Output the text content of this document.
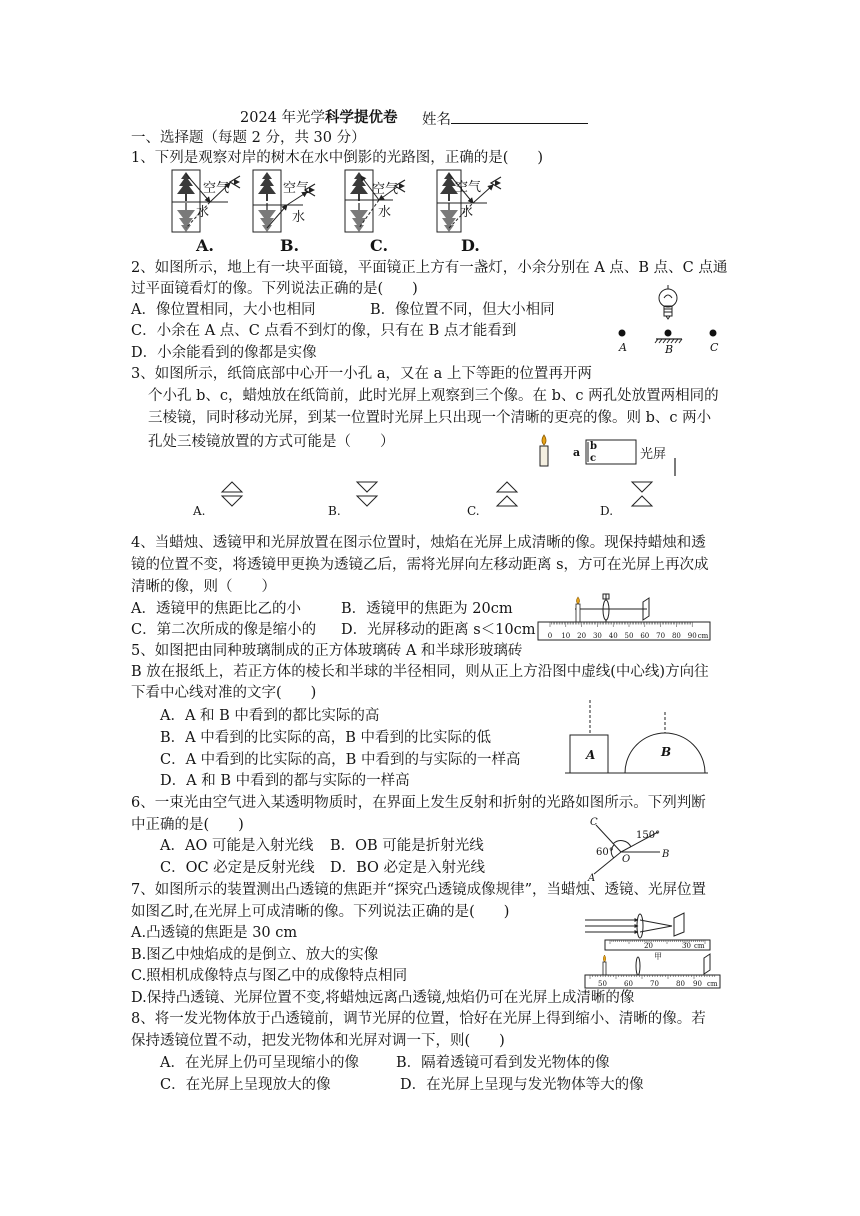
2024 年光学科学提优卷 姓名
一、选择题（每题 2 分，共 30 分）
1、下列是观察对岸的树木在水中倒影的光路图，正确的是(　　)
空气
水
空气
水
空气
水
空气
水
A.	B.	C.	D.
2、如图所示，地上有一块平面镜，平面镜正上方有一盏灯，小余分别在 A 点、B 点、C 点通
过平面镜看灯的像。下列说法正确的是(　　)
A．像位置相同，大小也相同	B．像位置不同，但大小相同
C．小余在 A 点、C 点看不到灯的像，只有在 B 点才能看到
D．小余能看到的像都是实像	A	B	C
3、如图所示，纸筒底部中心开一小孔 a，又在 a 上下等距的位置再开两
个小孔 b、c，蜡烛放在纸筒前，此时光屏上观察到三个像。在 b、c 两孔处放置两相同的
三棱镜，同时移动光屏，到某一位置时光屏上只出现一个清晰的更亮的像。则 b、c 两小
孔处三棱镜放置的方式可能是（　　）
a b
c	光屏
A.	B.	C.	D.
4、当蜡烛、透镜甲和光屏放置在图示位置时，烛焰在光屏上成清晰的像。现保持蜡烛和透
镜的位置不变，将透镜甲更换为透镜乙后，需将光屏向左移动距离 s，方可在光屏上再次成
清晰的像，则（　　）
A．透镜甲的焦距比乙的小	B．透镜甲的焦距为 20cm
C．第二次所成的像是缩小的 D．光屏移动的距离 s＜10cm 0 10 20 30 40 50 60 70 80 90 cm
5、如图把由同种玻璃制成的正方体玻璃砖 A 和半球形玻璃砖
B 放在报纸上，若正方体的棱长和半球的半径相同，则从正上方沿图中虚线(中心线)方向往
下看中心线对准的文字(　　)
A．A 和 B 中看到的都比实际的高
B．A 中看到的比实际的高，B 中看到的比实际的低
C．A 中看到的比实际的高，B 中看到的与实际的一样高
D．A 和 B 中看到的都与实际的一样高
A	B
6、一束光由空气进入某透明物质时，在界面上发生反射和折射的光路如图所示。下列判断
中正确的是(　　)
A．AO 可能是入射光线 B．OB 可能是折射光线
C．OC 必定是反射光线 D．BO 必定是入射光线
C
150°
60°
O	B
A
7、如图所示的装置测出凸透镜的焦距并“探究凸透镜成像规律”，当蜡烛、透镜、光屏位置
如图乙时,在光屏上可成清晰的像。下列说法正确的是(　　)
A.凸透镜的焦距是 30 cm
B.图乙中烛焰成的是倒立、放大的实像
C.照相机成像特点与图乙中的成像特点相同
D.保持凸透镜、光屏位置不变,将蜡烛远离凸透镜,烛焰仍可在光屏上成清晰的像
20	30 cm
甲
50 60 70 80 90 cm
8、将一发光物体放于凸透镜前，调节光屏的位置，恰好在光屏上得到缩小、清晰的像。若
保持透镜位置不动，把发光物体和光屏对调一下，则(　　)
A．在光屏上仍可呈现缩小的像	B．隔着透镜可看到发光物体的像
C．在光屏上呈现放大的像	D．在光屏上呈现与发光物体等大的像
